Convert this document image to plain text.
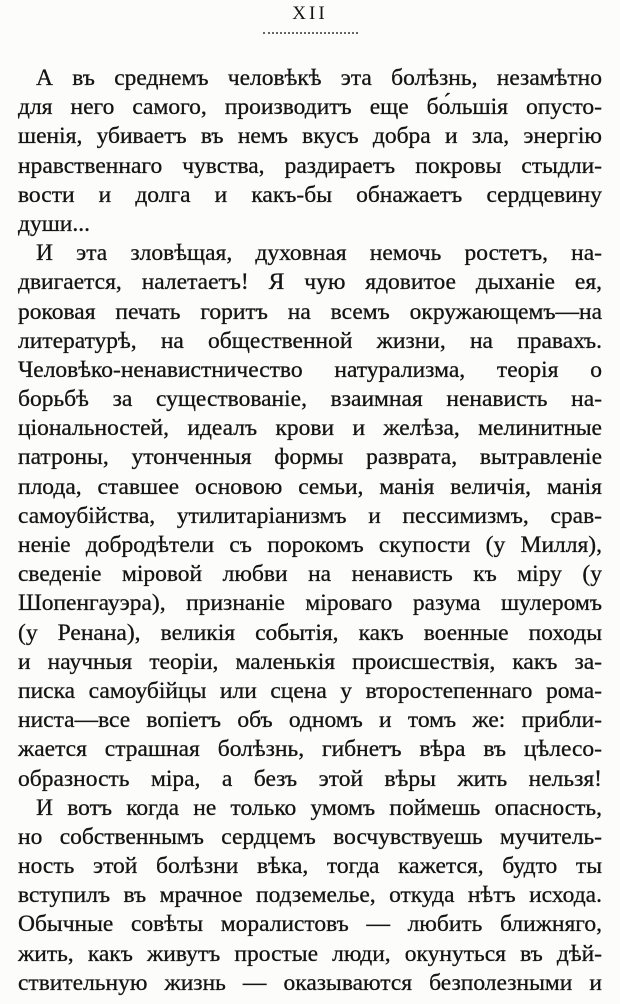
XII
А въ среднемъ человѣкѣ эта болѣзнь, незамѣтно
для него самого, производитъ еще бо́льшія опусто-
шенія, убиваетъ въ немъ вкусъ добра и зла, энергію
нравственнаго чувства, раздираетъ покровы стыдли-
вости и долга и какъ-бы обнажаетъ сердцевину
души...
И эта зловѣщая, духовная немочь ростетъ, на-
двигается, налетаетъ! Я чую ядовитое дыханіе ея,
роковая печать горитъ на всемъ окружающемъ—на
литературѣ, на общественной жизни, на правахъ.
Человѣко-ненавистничество натурализма, теорія о
борьбѣ за существованіе, взаимная ненависть на-
ціональностей, идеалъ крови и желѣза, мелинитные
патроны, утонченныя формы разврата, вытравленіе
плода, ставшее основою семьи, манія величія, манія
самоубійства, утилитаріанизмъ и пессимизмъ, срав-
неніе добродѣтели съ порокомъ скупости (у Милля),
сведеніе міровой любви на ненависть къ міру (у
Шопенгауэра), признаніе міроваго разума шулеромъ
(у Ренана), великія событія, какъ военные походы
и научныя теоріи, маленькія происшествія, какъ за-
писка самоубійцы или сцена у второстепеннаго рома-
ниста—все вопіетъ объ одномъ и томъ же: прибли-
жается страшная болѣзнь, гибнетъ вѣра въ цѣлесо-
образность міра, а безъ этой вѣры жить нельзя!
И вотъ когда не только умомъ поймешь опасность,
но собственнымъ сердцемъ восчувствуешь мучитель-
ность этой болѣзни вѣка, тогда кажется, будто ты
вступилъ въ мрачное подземелье, откуда нѣтъ исхода.
Обычные совѣты моралистовъ — любить ближняго,
жить, какъ живутъ простые люди, окунуться въ дѣй-
ствительную жизнь — оказываются безполезными и
